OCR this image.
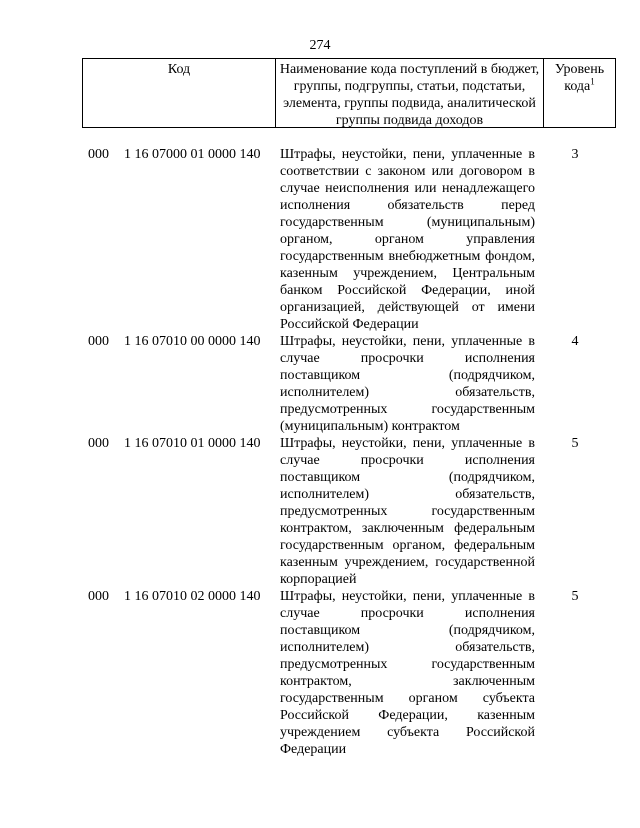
274
Код	Наименование кода поступлений в бюджет, группы, подгруппы, статьи, подстатьи, элемента, группы подвида, аналитической группы подвида доходов
Уровень кода$^1$
000 1 16 07000 01 0000 140 Штрафы, неустойки, пени, уплаченные в соответствии с законом или договором в случае неисполнения или ненадлежащего исполнения обязательств перед государственным (муниципальным) органом, органом управления государственным внебюджетным фондом, казенным учреждением, Центральным банком Российской Федерации, иной организацией, действующей от имени Российской Федерации
3
000 1 16 07010 00 0000 140 Штрафы, неустойки, пени, уплаченные в случае просрочки исполнения поставщиком (подрядчиком, исполнителем) обязательств, предусмотренных государственным (муниципальным) контрактом
4
000 1 16 07010 01 0000 140 Штрафы, неустойки, пени, уплаченные в случае просрочки исполнения поставщиком (подрядчиком, исполнителем) обязательств, предусмотренных государственным контрактом, заключенным федеральным государственным органом, федеральным казенным учреждением, государственной корпорацией
5
000 1 16 07010 02 0000 140 Штрафы, неустойки, пени, уплаченные в случае просрочки исполнения поставщиком (подрядчиком, исполнителем) обязательств, предусмотренных государственным контрактом, заключенным государственным органом субъекта Российской Федерации, казенным учреждением субъекта Российской Федерации
5
